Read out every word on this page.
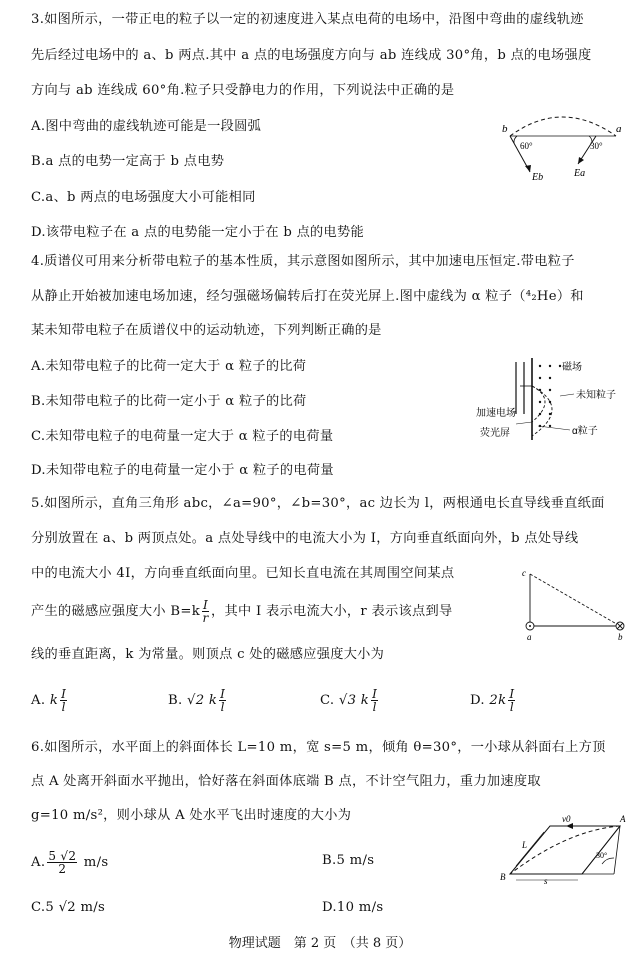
3.如图所示，一带正电的粒子以一定的初速度进入某点电荷的电场中，沿图中弯曲的虚线轨迹
先后经过电场中的 a、b 两点.其中 a 点的电场强度方向与 ab 连线成 30°角，b 点的电场强度
方向与 ab 连线成 60°角.粒子只受静电力的作用，下列说法中正确的是
A.图中弯曲的虚线轨迹可能是一段圆弧
B.a 点的电势一定高于 b 点电势
C.a、b 两点的电场强度大小可能相同
D.该带电粒子在 a 点的电势能一定小于在 b 点的电势能
b	a
60°	30°
Eb	Ea
4.质谱仪可用来分析带电粒子的基本性质，其示意图如图所示，其中加速电压恒定.带电粒子
从静止开始被加速电场加速，经匀强磁场偏转后打在荧光屏上.图中虚线为 α 粒子（⁴₂He）和
某未知带电粒子在质谱仪中的运动轨迹，下列判断正确的是
A.未知带电粒子的比荷一定大于 α 粒子的比荷
B.未知带电粒子的比荷一定小于 α 粒子的比荷
C.未知带电粒子的电荷量一定大于 α 粒子的电荷量
D.未知带电粒子的电荷量一定小于 α 粒子的电荷量
磁场
加速电场
荧光屏
未知粒子
α粒子
5.如图所示，直角三角形 abc，∠a=90°，∠b=30°，ac 边长为 l，两根通电长直导线垂直纸面
分别放置在 a、b 两顶点处。a 点处导线中的电流大小为 I，方向垂直纸面向外，b 点处导线
中的电流大小 4I，方向垂直纸面向里。已知长直电流在其周围空间某点
产生的磁感应强度大小 $B=k \frac{I}{r}$ ，其中 I 表示电流大小，r 表示该点到导
线的垂直距离，k 为常量。则顶点 c 处的磁感应强度大小为
A. k $\frac{I}{l}$	B. √2 k $\frac{I}{l}$	C. √3 k $\frac{I}{l}$	D. $2k \frac{I}{l}$
c
a	b
6.如图所示，水平面上的斜面体长 L=10 m，宽 s=5 m，倾角 θ=30°，一小球从斜面右上方顶
点 A 处离开斜面水平抛出，恰好落在斜面体底端 B 点，不计空气阻力，重力加速度取
g=10 m/s²，则小球从 A 处水平飞出时速度的大小为
A. $\frac{5 √2}{2} m/s$	B.5 m/s
C.5 √2 m/s	D.10 m/s
v0	A
B
L
s
30°
物理试题　第 2 页　（共 8 页）
